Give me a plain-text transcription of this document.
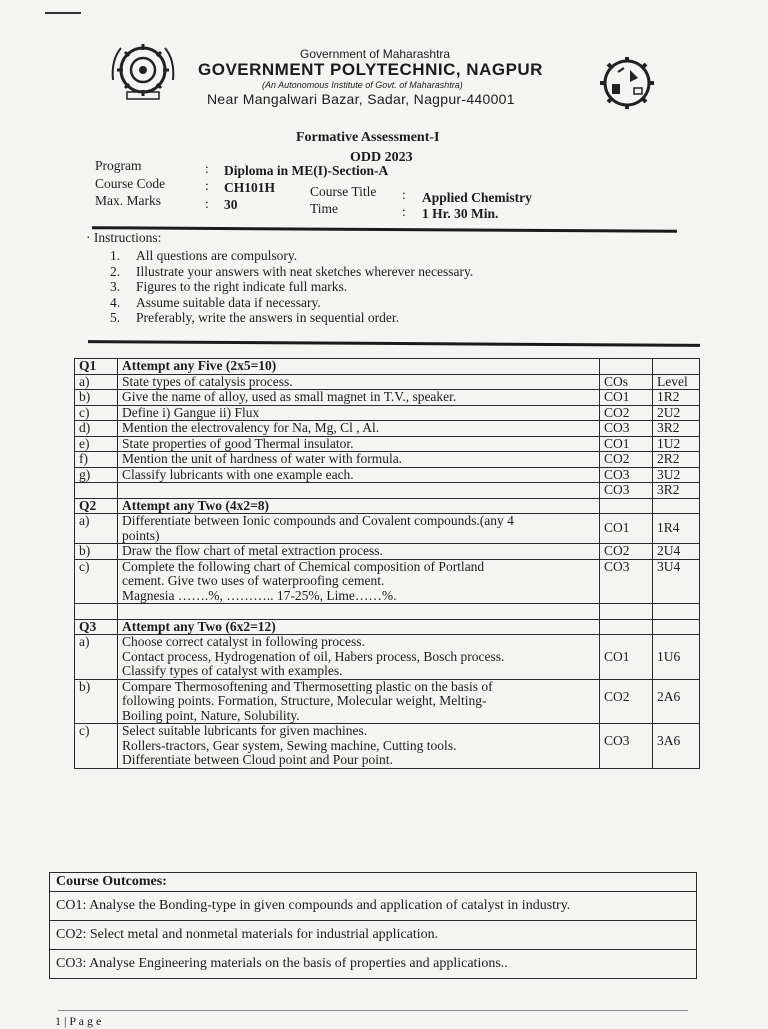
Government of Maharashtra
GOVERNMENT POLYTECHNIC, NAGPUR
(An Autonomous Institute of Govt. of Maharashtra)
Near Mangalwari Bazar, Sadar, Nagpur-440001
Formative Assessment-I
ODD 2023
Program	: Diploma in ME(I)-Section-A
Course Code	: CH101H	Course Title : Applied Chemistry
Max. Marks	: 30	Time	: 1 Hr. 30 Min.
· Instructions:
1. All questions are compulsory.
2. Illustrate your answers with neat sketches wherever necessary.
3. Figures to the right indicate full marks.
4. Assume suitable data if necessary.
5. Preferably, write the answers in sequential order.
Q1	Attempt any Five (2x5=10)		
a)	State types of catalysis process.	COs	Level
b)	Give the name of alloy, used as small magnet in T.V., speaker.	CO1	1R2
c)	Define i) Gangue ii) Flux	CO2	2U2
d)	Mention the electrovalency for Na, Mg, Cl , Al.	CO3	3R2
e)	State properties of good Thermal insulator.	CO1	1U2
f)	Mention the unit of hardness of water with formula.	CO2	2R2
g)	Classify lubricants with one example each.	CO3	3U2
		CO3	3R2
Q2	Attempt any Two (4x2=8)		
a)	Differentiate between Ionic compounds and Covalent compounds.(any 4
points)	CO1	1R4
b)	Draw the flow chart of metal extraction process.	CO2	2U4
c)	Complete the following chart of Chemical composition of Portland
cement. Give two uses of waterproofing cement.
Magnesia …….%, ……….. 17-25%, Lime……%.	CO3	3U4

Q3	Attempt any Two (6x2=12)		
a)	Choose correct catalyst in following process.
Contact process, Hydrogenation of oil, Habers process, Bosch process.
Classify types of catalyst with examples.	CO1	1U6
b)	Compare Thermosoftening and Thermosetting plastic on the basis of
following points. Formation, Structure, Molecular weight, Melting-
Boiling point, Nature, Solubility.	CO2	2A6
c)	Select suitable lubricants for given machines.
Rollers-tractors, Gear system, Sewing machine, Cutting tools.
Differentiate between Cloud point and Pour point.	CO3	3A6
Course Outcomes:
CO1: Analyse the Bonding-type in given compounds and application of catalyst in industry.
CO2: Select metal and nonmetal materials for industrial application.
CO3: Analyse Engineering materials on the basis of properties and applications..
1 | P a g e
